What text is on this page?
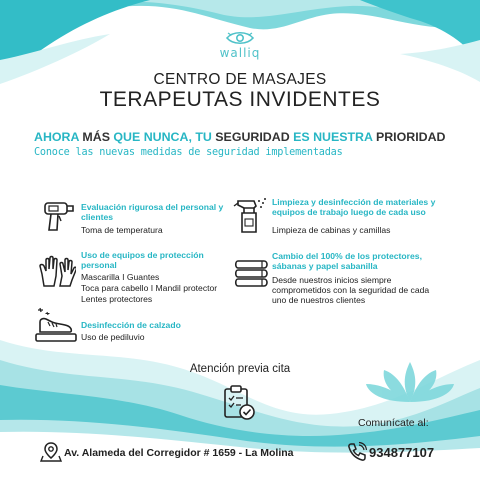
walliq
CENTRO DE MASAJES
TERAPEUTAS INVIDENTES
AHORA MÁS QUE NUNCA, TU SEGURIDAD ES NUESTRA PRIORIDAD
Conoce las nuevas medidas de seguridad implementadas
Evaluación rigurosa del personal y clientes
Toma de temperatura
Limpieza y desinfección de materiales y equipos de trabajo luego de cada uso
Limpieza de cabinas y camillas
Uso de equipos de protección personal
Mascarilla I Guantes
Toca para cabello I Mandil protector
Lentes protectores
Cambio del 100% de los protectores, sábanas y papel sabanilla
Desde nuestros inicios siempre comprometidos con la seguridad de cada uno de nuestros clientes
Desinfección de calzado
Uso de pediluvio
Atención previa cita
Comunícate al:
Av. Alameda del Corregidor # 1659 - La Molina	934877107
